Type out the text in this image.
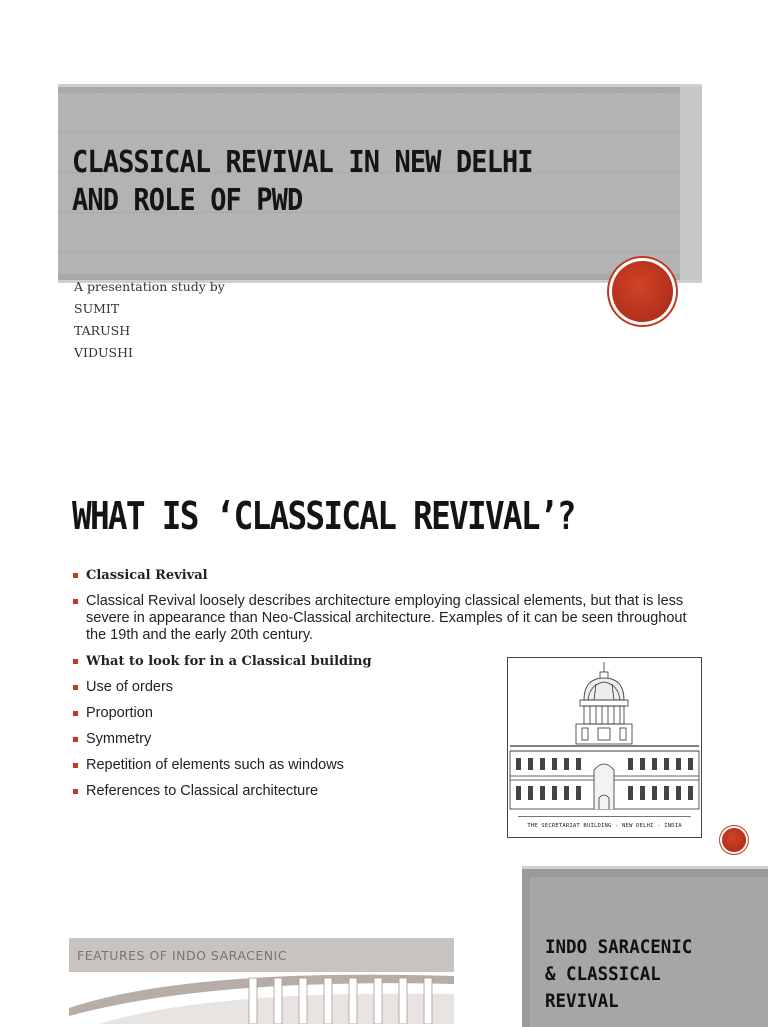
CLASSICAL REVIVAL IN NEW DELHI
AND ROLE OF PWD
A presentation study by
SUMIT
TARUSH
VIDUSHI
WHAT IS ‘CLASSICAL REVIVAL’?
Classical Revival
Classical Revival loosely describes architecture employing classical elements, but that is less severe in appearance than Neo-Classical architecture. Examples of it can be seen throughout the 19th and the early 20th century.
What to look for in a Classical building
Use of orders
Proportion
Symmetry
Repetition of elements such as windows
References to Classical architecture
THE SECRETARIAT BUILDING - NEW DELHI - INDIA
INDO SARACENIC
& CLASSICAL
REVIVAL
FEATURES OF INDO SARACENIC
